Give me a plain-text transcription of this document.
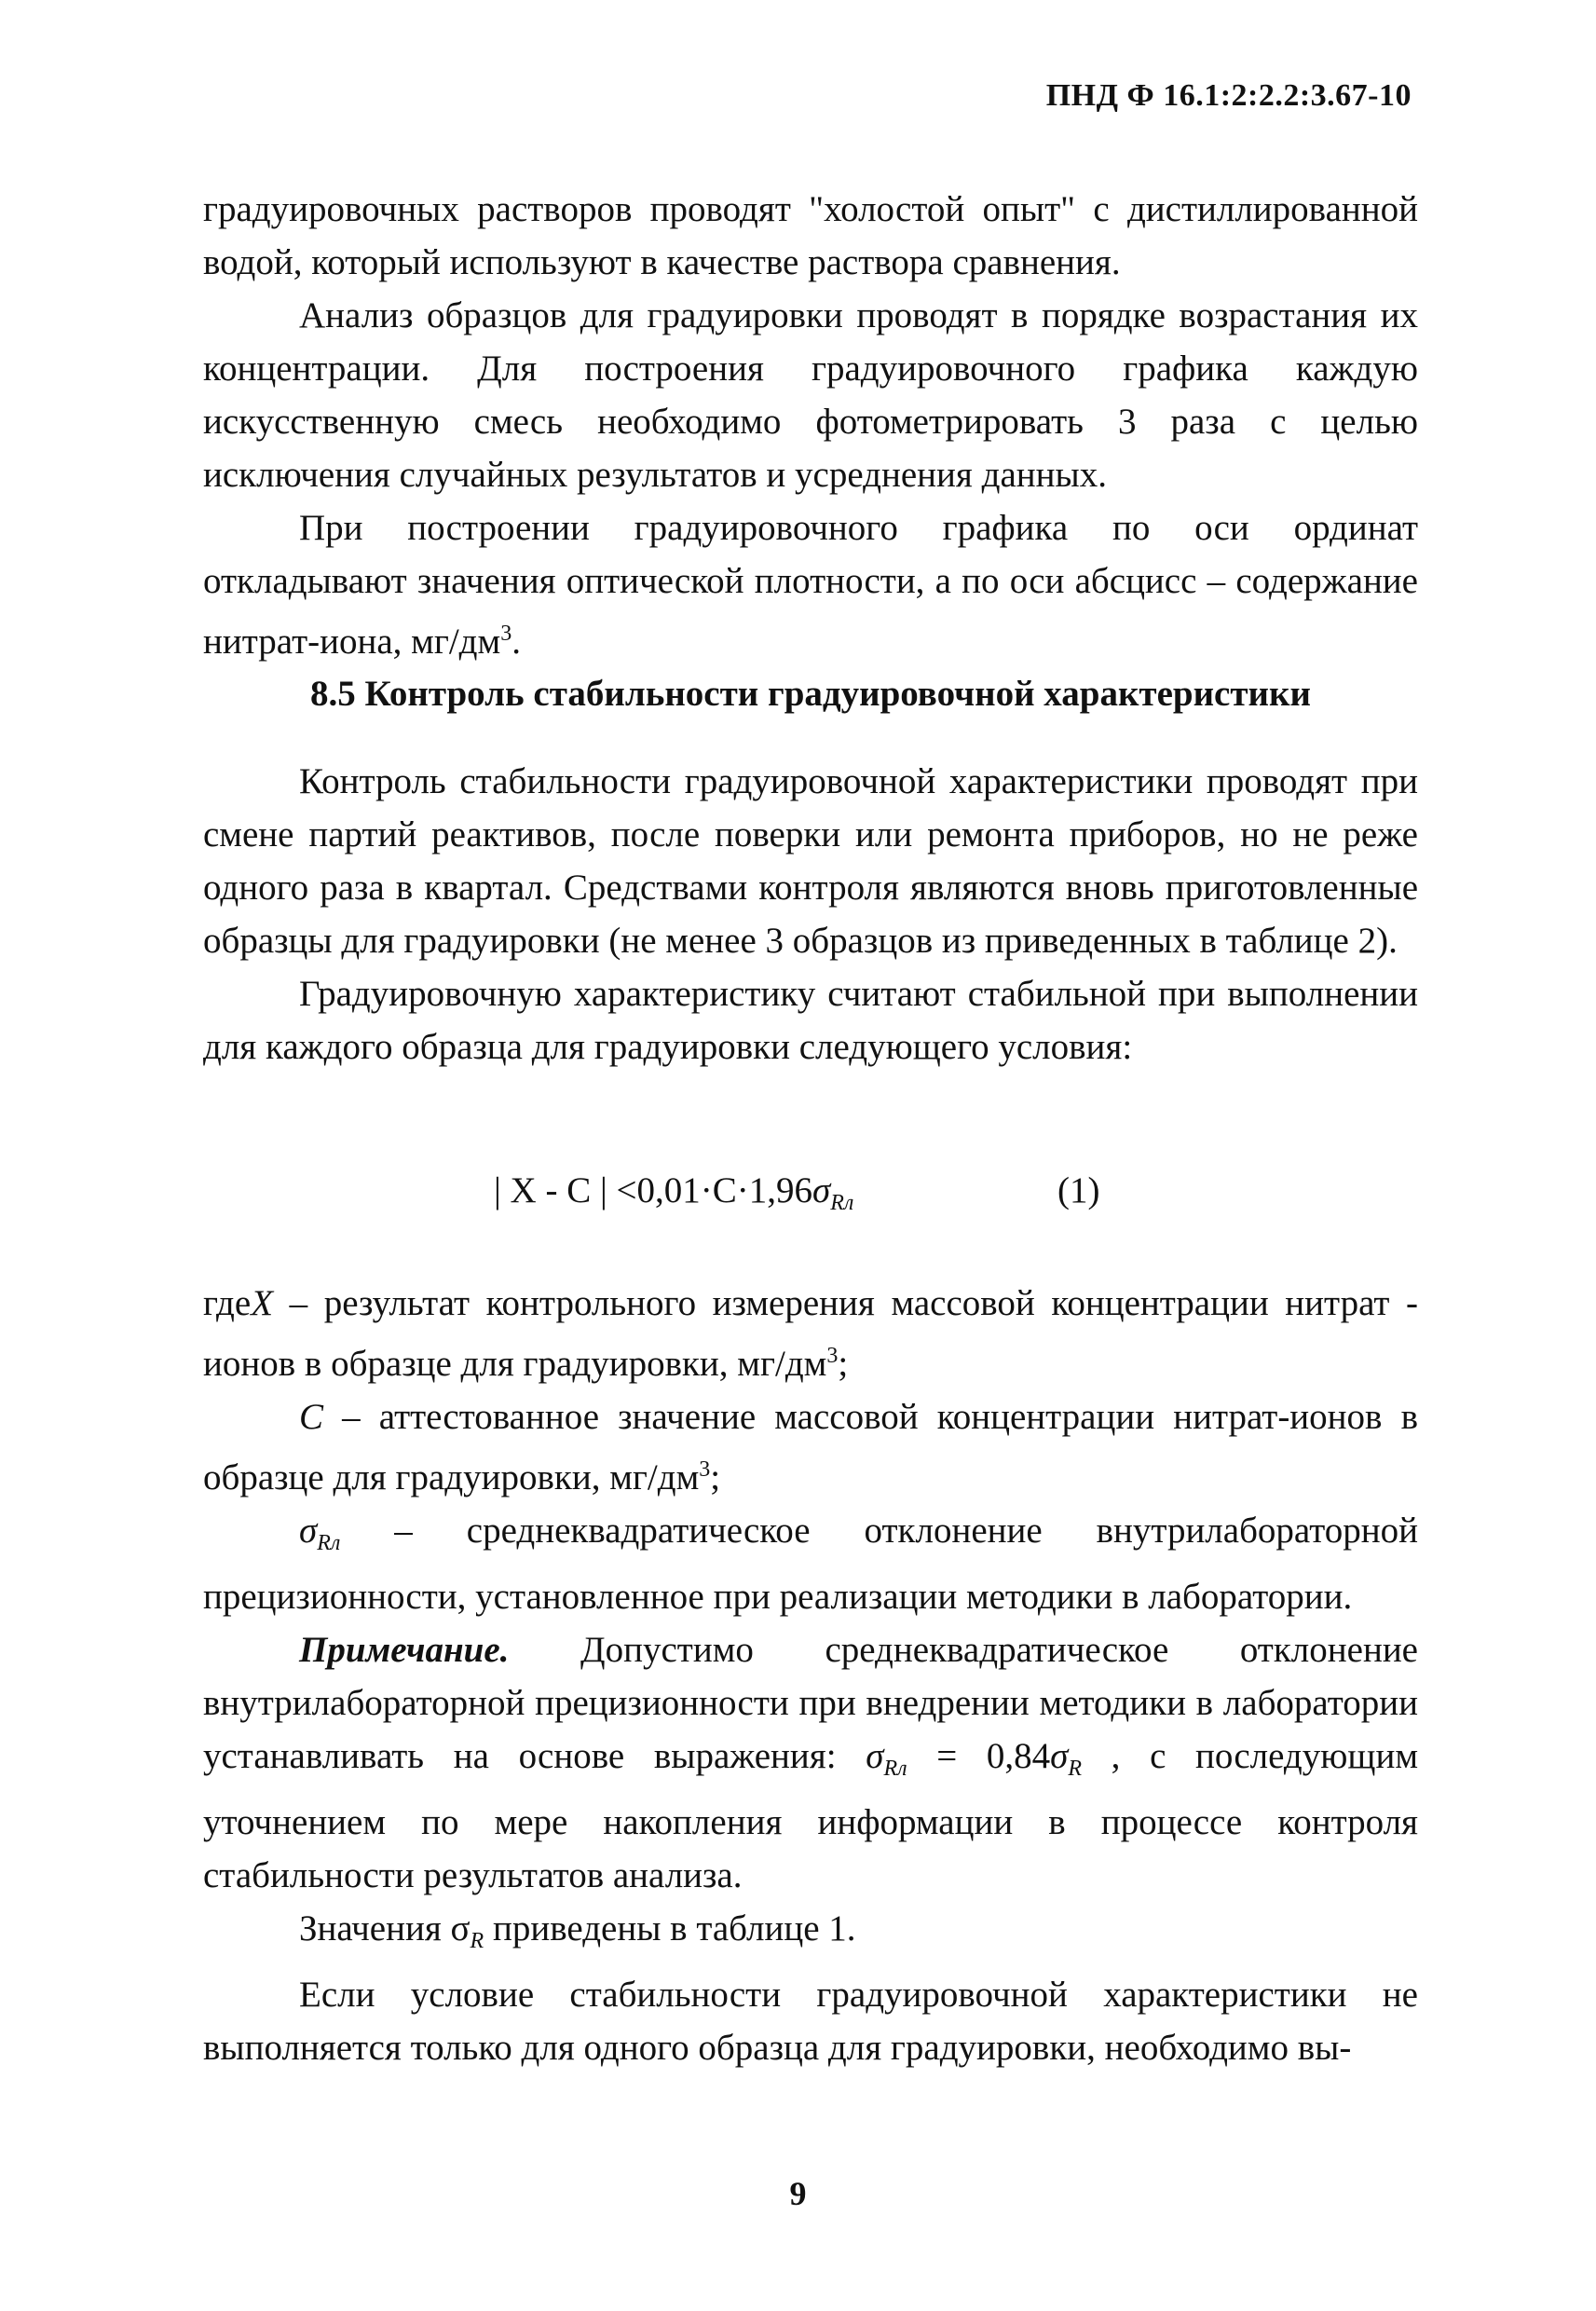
ПНД Ф 16.1:2:2.2:3.67-10

градуировочных растворов проводят "холостой опыт" с дистиллированной водой, который используют в качестве раствора сравнения.

Анализ образцов для градуировки проводят в порядке возрастания их концентрации. Для построения градуировочного графика каждую искусственную смесь необходимо фотометрировать 3 раза с целью исключения случайных результатов и усреднения данных.

При построении градуировочного графика по оси ординат откладывают значения оптической плотности, а по оси абсцисс – содержание нитрат-иона, $мг/дм^3$.

8.5 Контроль стабильности градуировочной характеристики

Контроль стабильности градуировочной характеристики проводят при смене партий реактивов, после поверки или ремонта приборов, но не реже одного раза в квартал. Средствами контроля являются вновь приготовленные образцы для градуировки (не менее 3 образцов из приведенных в таблице 2).

Градуировочную характеристику считают стабильной при выполнении для каждого образца для градуировки следующего условия:

| X - C | $<0,01\cdot C\cdot 1,96\sigma_{Rл}$	(1)

гдеX – результат контрольного измерения массовой концентрации нитрат - ионов в образце для градуировки, $мг/дм^3$;

C – аттестованное значение массовой концентрации нитрат-ионов в образце для градуировки, $мг/дм^3$;

$\sigma_{Rл}$ – среднеквадратическое отклонение внутрилабораторной прецизионности, установленное при реализации методики в лаборатории.

Примечание. Допустимо среднеквадратическое отклонение внутрилабораторной прецизионности при внедрении методики в лаборатории устанавливать на основе выражения: $\sigma_{Rл} = 0,84\sigma_R$ , с последующим уточнением по мере накопления информации в процессе контроля стабильности результатов анализа.

Значения $\sigma_R$ приведены в таблице 1.

Если условие стабильности градуировочной характеристики не выполняется только для одного образца для градуировки, необходимо вы-

9
